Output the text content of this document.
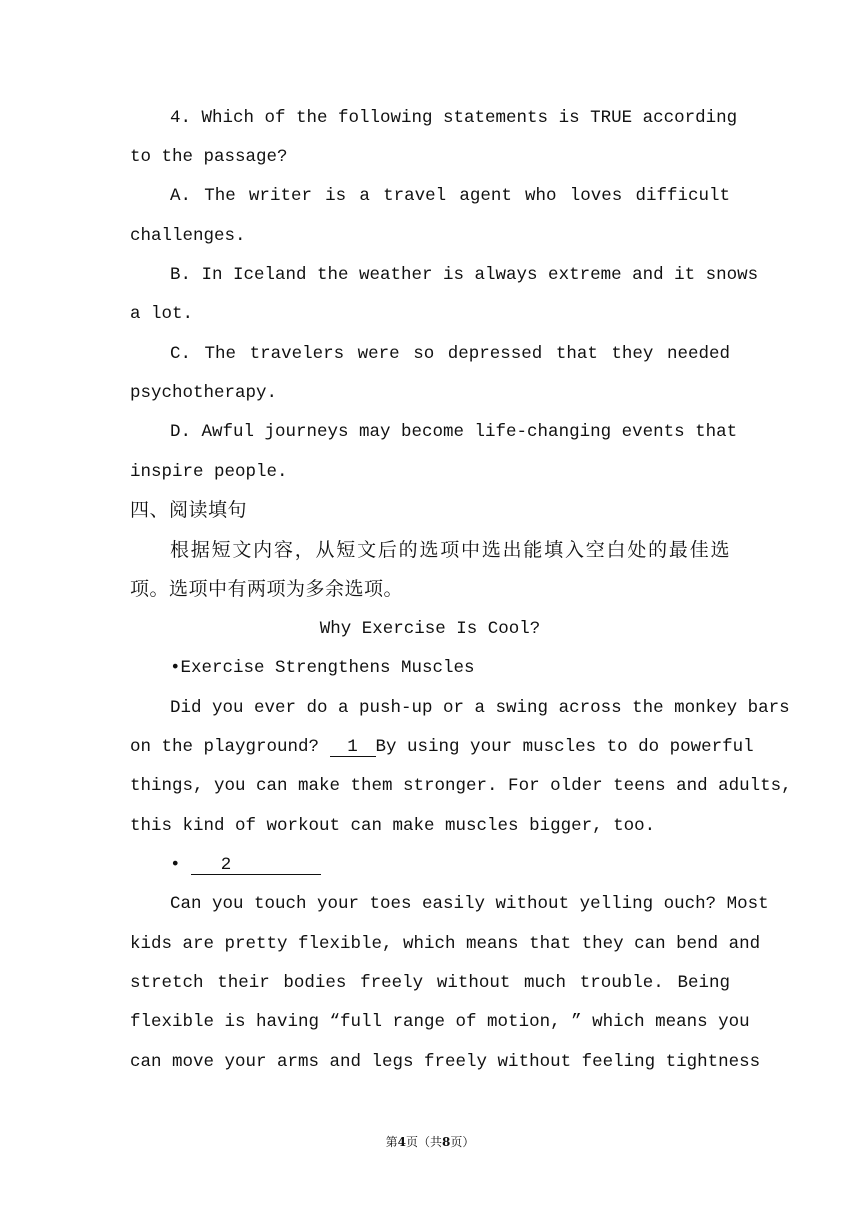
4. Which of the following statements is TRUE according
to the passage?
A. The writer is a travel agent who loves difficult
challenges.
B. In Iceland the weather is always extreme and it snows
a lot.
C. The travelers were so depressed that they needed
psychotherapy.
D. Awful journeys may become life-changing events that
inspire people.
四、阅读填句
根据短文内容，从短文后的选项中选出能填入空白处的最佳选
项。选项中有两项为多余选项。
Why Exercise Is Cool?
•Exercise Strengthens Muscles
Did you ever do a push-up or a swing across the monkey bars
on the playground? 1 By using your muscles to do powerful
things, you can make them stronger. For older teens and adults,
this kind of workout can make muscles bigger, too.
• 2
Can you touch your toes easily without yelling ouch? Most
kids are pretty flexible, which means that they can bend and
stretch their bodies freely without much trouble. Being
flexible is having “full range of motion, ” which means you
can move your arms and legs freely without feeling tightness
第4页（共8页）
